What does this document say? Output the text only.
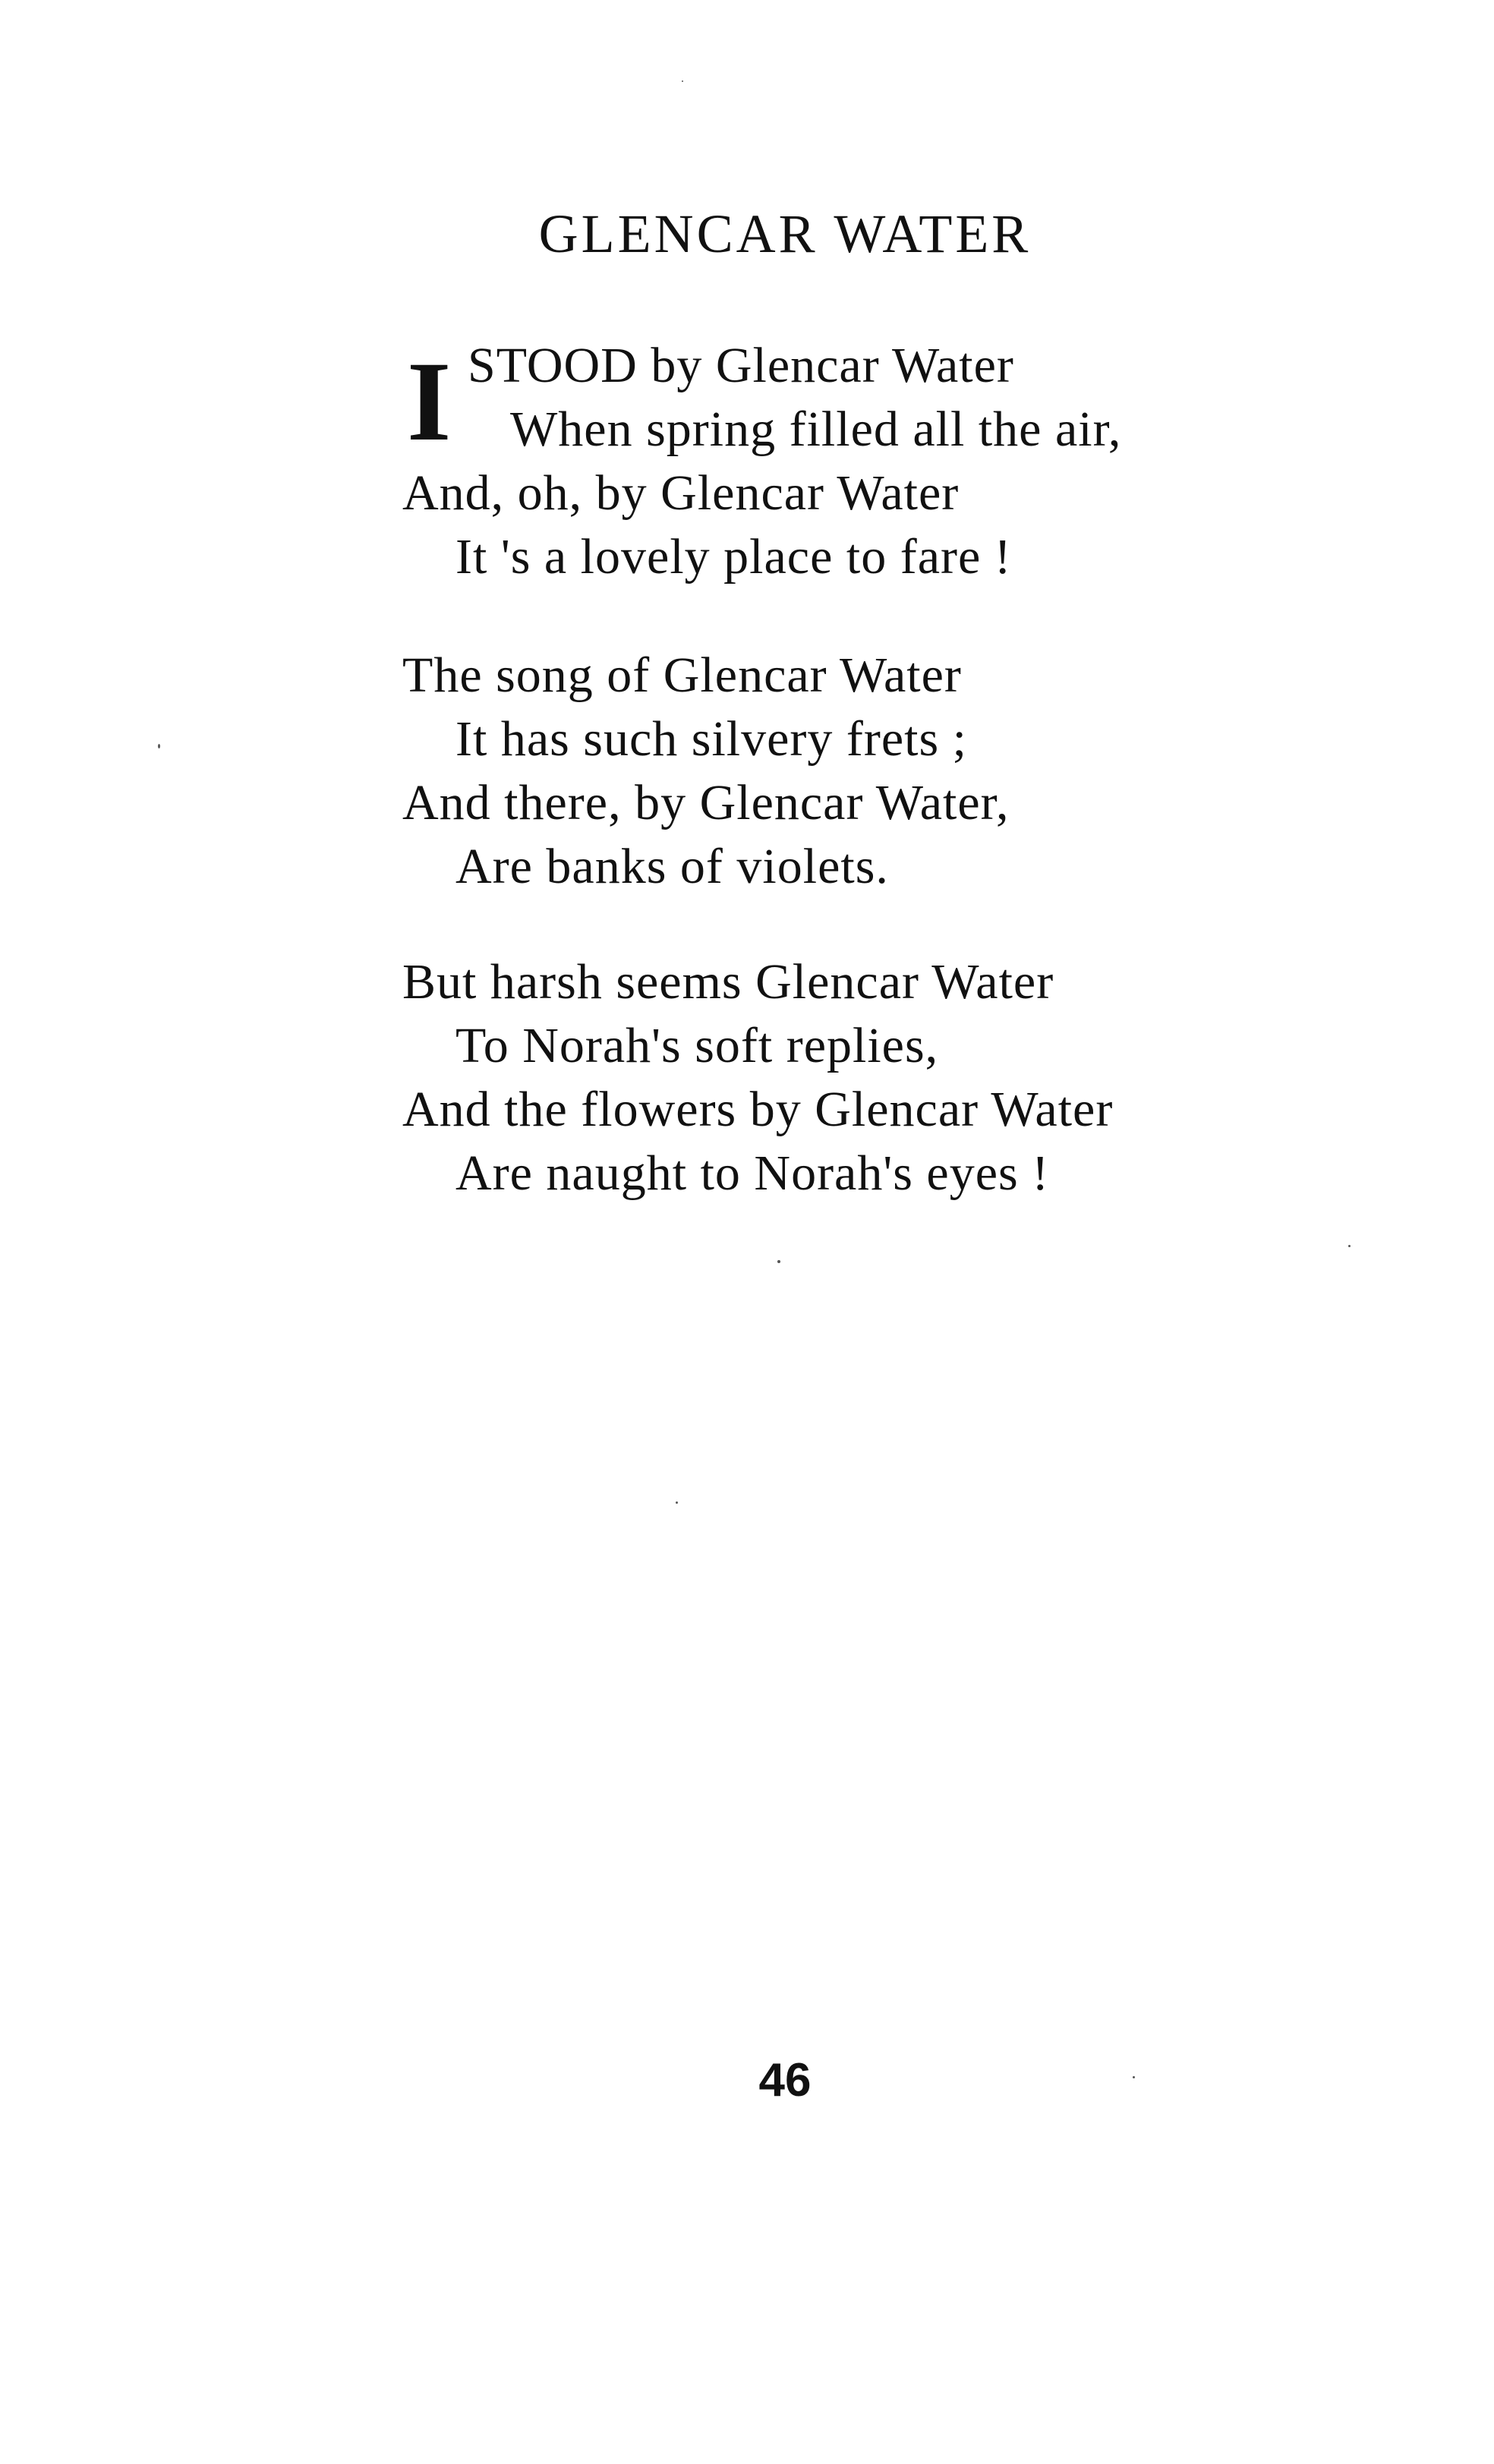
GLENCAR WATER
I STOOD by Glencar Water
When spring filled all the air,
And, oh, by Glencar Water
It 's a lovely place to fare !
The song of Glencar Water
It has such silvery frets ;
And there, by Glencar Water,
Are banks of violets.
But harsh seems Glencar Water
To Norah's soft replies,
And the flowers by Glencar Water
Are naught to Norah's eyes !
46
